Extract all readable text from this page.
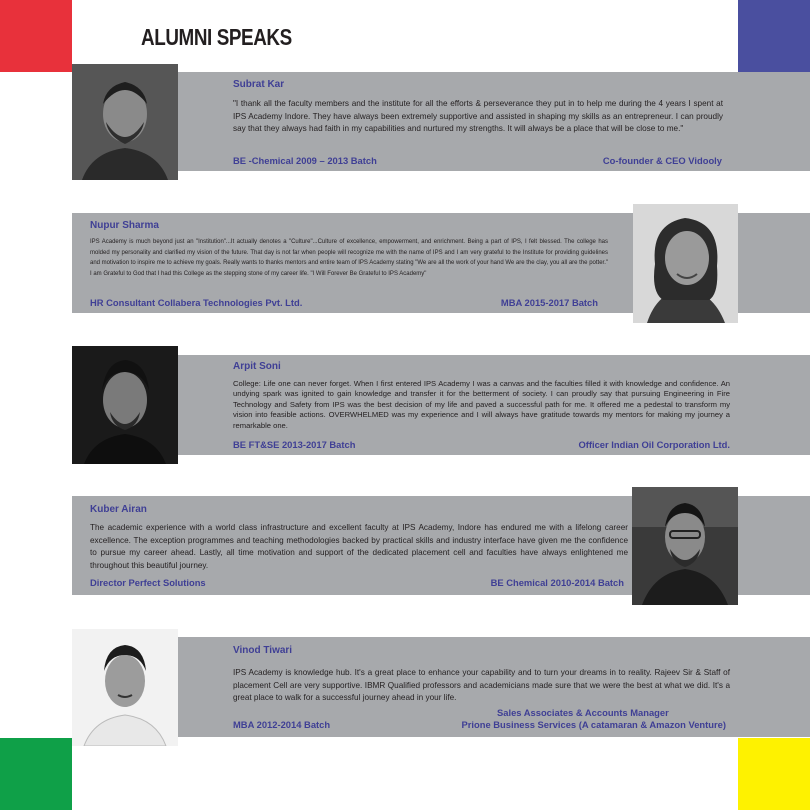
ALUMNI SPEAKS
Subrat Kar
"I thank all the faculty members and the institute for all the efforts & perseverance they put in to help me during the 4 years I spent at IPS Academy Indore. They have always been extremely supportive and assisted in shaping my skills as an entrepreneur. I can proudly say that they always had faith in my capabilities and nurtured my strengths. It will always be a place that will be close to me."
BE -Chemical 2009 – 2013 Batch	Co-founder & CEO Vidooly
Nupur Sharma
IPS Academy is much beyond just an "Institution"...It actually denotes a "Culture"...Culture of excellence, empowerment, and enrichment. Being a part of IPS, I felt blessed. The college has molded my personality and clarified my vision of the future. That day is not far when people will recognize me with the name of IPS and I am very grateful to the Institute for providing guidelines and motivation to inspire me to achieve my goals. Really wants to thanks mentors and entire team of IPS Academy stating "We are all the work of your hand We are the clay, you all are the potter." I am Grateful to God that I had this College as the stepping stone of my career life. "I Will Forever Be Grateful to IPS Academy"
HR Consultant Collabera Technologies Pvt. Ltd.	MBA 2015-2017 Batch
Arpit Soni
College: Life one can never forget. When I first entered IPS Academy I was a canvas and the faculties filled it with knowledge and confidence. An undying spark was ignited to gain knowledge and transfer it for the betterment of society. I can proudly say that pursuing Engineering in Fire Technology and Safety from IPS was the best decision of my life and paved a successful path for me. It offered me a pedestal to transform my vision into feasible actions. OVERWHELMED was my experience and I will always have gratitude towards my mentors for making my journey a remarkable one.
BE FT&SE 2013-2017 Batch	Officer Indian Oil Corporation Ltd.
Kuber Airan
The academic experience with a world class infrastructure and excellent faculty at IPS Academy, Indore has endured me with a lifelong career excellence. The exception programmes and teaching methodologies backed by practical skills and industry interface have given me the confidence to pursue my career ahead. Lastly, all time motivation and support of the dedicated placement cell and faculties have always enlightened me throughout this beautiful journey.
Director Perfect Solutions	BE Chemical 2010-2014 Batch
Vinod Tiwari
IPS Academy is knowledge hub. It's a great place to enhance your capability and to turn your dreams in to reality. Rajeev Sir & Staff of placement Cell are very supportive. IBMR Qualified professors and academicians made sure that we were the best at what we did. It's a great place to walk for a successful journey ahead in your life.
MBA 2012-2014 Batch
Sales Associates & Accounts Manager
Prione Business Services (A catamaran & Amazon Venture)
